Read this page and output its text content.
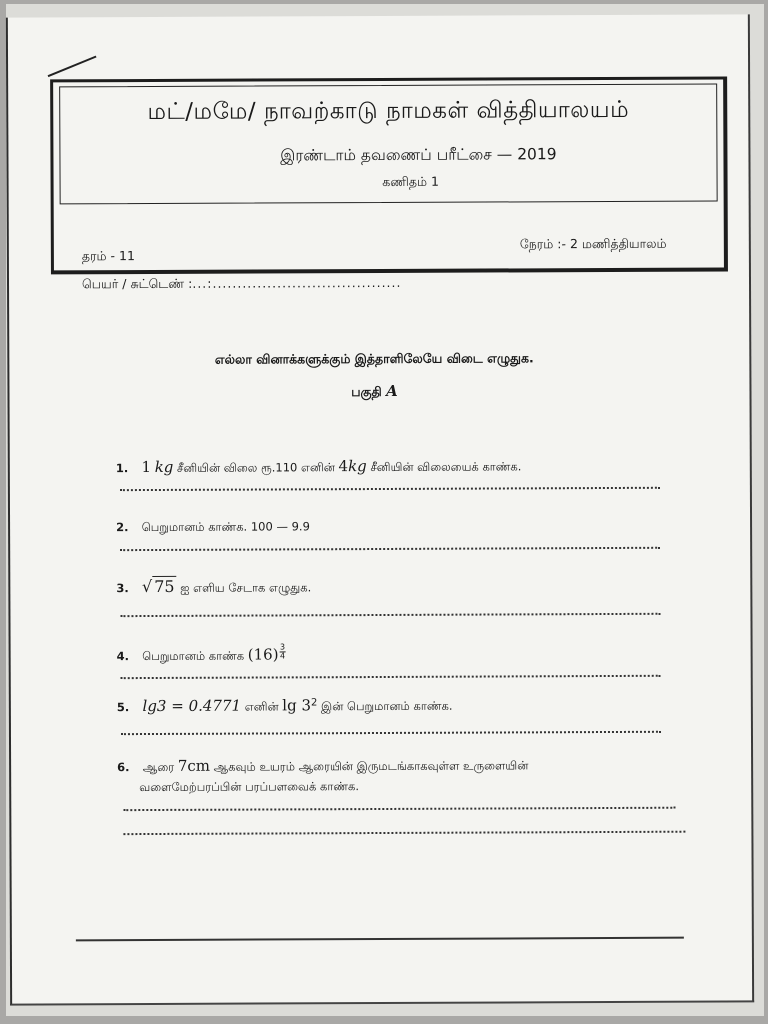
மட்/மமே/ நாவற்காடு நாமகள் வித்தியாலயம்
இரண்டாம் தவணைப் பரீட்சை — 2019
கணிதம் 1
தரம் - 11
நேரம் :- 2 மணித்தியாலம்
பெயர் / சுட்டெண் :...:......................................
எல்லா வினாக்களுக்கும் இத்தாளிலேயே விடை எழுதுக.
பகுதி A
1. 1 kg சீனியின் விலை ரூ.110 எனின் 4kg சீனியின் விலையைக் காண்க.
2. பெறுமானம் காண்க. 100 — 9.9
3. √ 75 ஐ எளிய சேடாக எழுதுக.
4. பெறுமானம் காண்க $(16) \frac{3}{4}$
5. lg3 = 0.4771 எனின் $\lg 3^2$ இன் பெறுமானம் காண்க.
6. ஆரை 7cm ஆகவும் உயரம் ஆரையின் இருமடங்காகவுள்ள உருளையின்
வளைமேற்பரப்பின் பரப்பளவைக் காண்க.
